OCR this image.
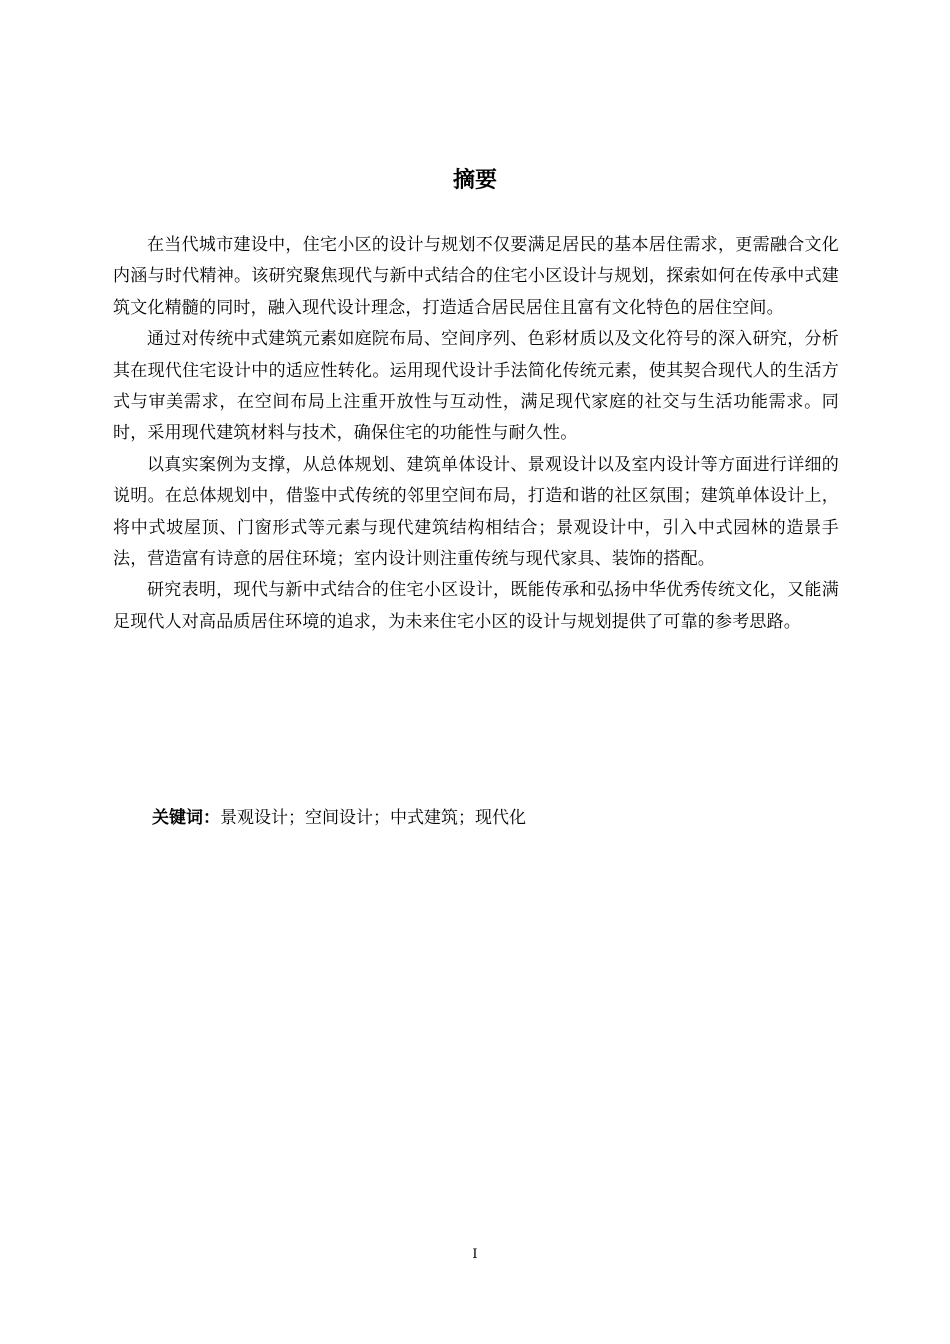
摘要

在当代城市建设中，住宅小区的设计与规划不仅要满足居民的基本居住需求，更需融合文化内涵与时代精神。该研究聚焦现代与新中式结合的住宅小区设计与规划，探索如何在传承中式建筑文化精髓的同时，融入现代设计理念，打造适合居民居住且富有文化特色的居住空间。

通过对传统中式建筑元素如庭院布局、空间序列、色彩材质以及文化符号的深入研究，分析其在现代住宅设计中的适应性转化。运用现代设计手法简化传统元素，使其契合现代人的生活方式与审美需求，在空间布局上注重开放性与互动性，满足现代家庭的社交与生活功能需求。同时，采用现代建筑材料与技术，确保住宅的功能性与耐久性。

以真实案例为支撑，从总体规划、建筑单体设计、景观设计以及室内设计等方面进行详细的说明。在总体规划中，借鉴中式传统的邻里空间布局，打造和谐的社区氛围；建筑单体设计上，将中式坡屋顶、门窗形式等元素与现代建筑结构相结合；景观设计中，引入中式园林的造景手法，营造富有诗意的居住环境；室内设计则注重传统与现代家具、装饰的搭配。

研究表明，现代与新中式结合的住宅小区设计，既能传承和弘扬中华优秀传统文化，又能满足现代人对高品质居住环境的追求，为未来住宅小区的设计与规划提供了可靠的参考思路。

关键词：景观设计；空间设计；中式建筑；现代化
I
